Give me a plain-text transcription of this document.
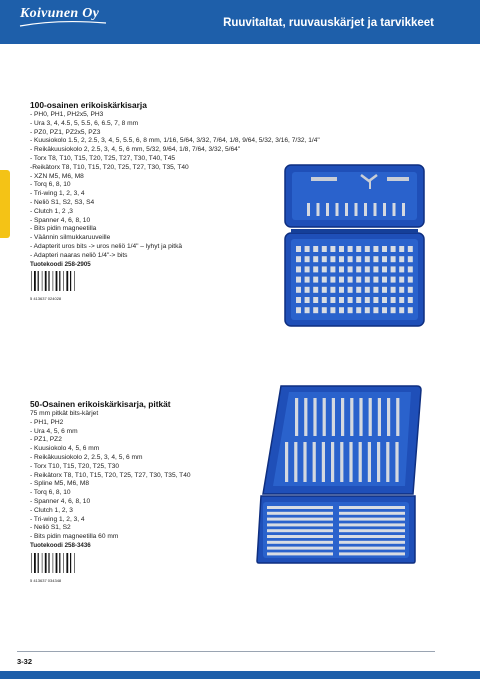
Koivunen Oy
Ruuvitaltat, ruuvauskärjet ja tarvikkeet
100-osainen erikoiskärkisarja
- PH0, PH1, PH2x5, PH3
- Ura 3, 4, 4.5, 5, 5.5, 6, 6.5, 7, 8 mm
- PZ0, PZ1, PZ2x5, PZ3
- Kuusiokolo 1.5, 2, 2.5, 3, 4, 5, 5.5, 6, 8 mm, 1/16, 5/64, 3/32, 7/64, 1/8, 9/64, 5/32, 3/16, 7/32, 1/4"
- Reikäkuusiokolo 2, 2.5, 3, 4, 5, 6 mm, 5/32, 9/64, 1/8, 7/64, 3/32, 5/64"
- Torx T8, T10, T15, T20, T25, T27, T30, T40, T45
-Reikätorx T8, T10, T15, T20, T25, T27, T30, T35, T40
- XZN M5, M6, M8
- Torq 6, 8, 10
- Tri-wing 1, 2, 3, 4
- Neliö S1, S2, S3, S4
- Clutch 1, 2 ,3
- Spanner 4, 6, 8, 10
- Bits pidin magneetilla
- Väännin silmukkaruuveille
- Adapterit uros bits -> uros neliö 1/4" – lyhyt ja pitkä
- Adapteri naaras neliö 1/4"-> bits
Tuotekoodi 258-2905
5 413637 024028
50-Osainen erikoiskärkisarja, pitkät
75 mm pitkät bits-kärjet
- PH1, PH2
- Ura 4, 5, 6 mm
- PZ1, PZ2
- Kuusiokolo 4, 5, 6 mm
- Reikäkuusiokolo 2, 2.5, 3, 4, 5, 6 mm
- Torx T10, T15, T20, T25, T30
- Reikätorx T8, T10, T15, T20, T25, T27, T30, T35, T40
- Spline M5, M6, M8
- Torq 6, 8, 10
- Spanner 4, 6, 8, 10
- Clutch 1, 2, 3
- Tri-wing 1, 2, 3, 4
- Neliö S1, S2
- Bits pidin magneetilla 60 mm
Tuotekoodi 258-3436
5 413637 034348
3-32
